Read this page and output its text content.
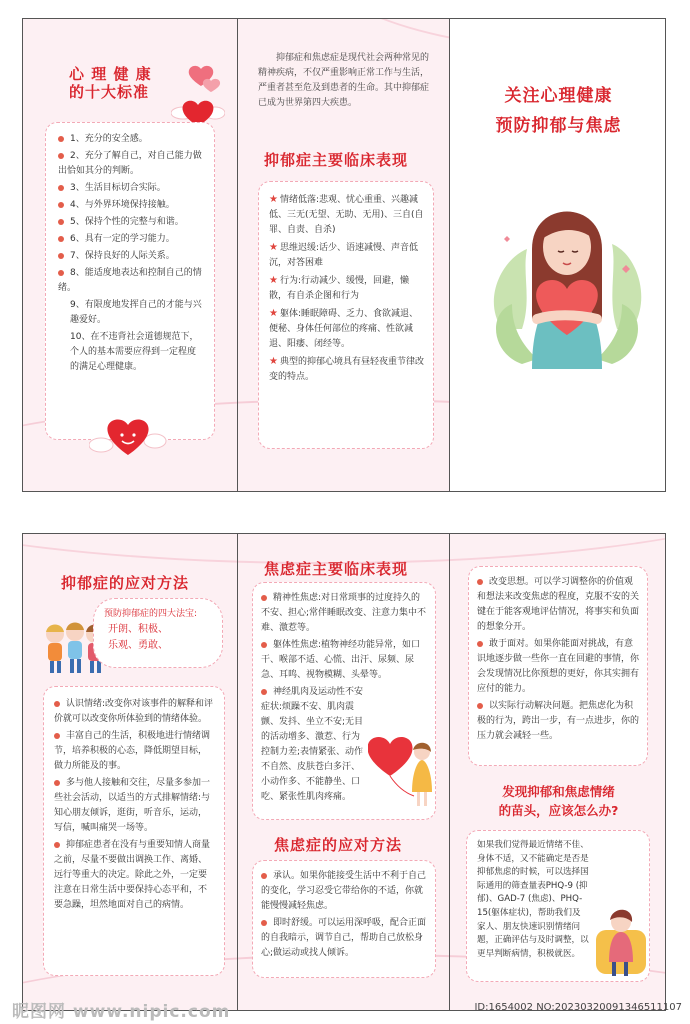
心 理 健 康
的十大标准
1、充分的安全感。
2、充分了解自己，对自己能力做出恰如其分的判断。
3、生活目标切合实际。
4、与外界环境保持接触。
5、保持个性的完整与和谐。
6、具有一定的学习能力。
7、保持良好的人际关系。
8、能适度地表达和控制自己的情绪。
9、有限度地发挥自己的才能与兴趣爱好。
10、在不违背社会道德规范下，个人的基本需要应得到一定程度的满足心理健康。
抑郁症和焦虑症是现代社会两种常见的精神疾病，不仅严重影响正常工作与生活，严重者甚至危及到患者的生命。其中抑郁症已成为世界第四大疾患。
抑郁症主要临床表现
★ 情绪低落:悲观、忧心重重、兴趣减低、三无(无望、无助、无用)、三自(自罪、自责、自杀)
★ 思维迟缓:话少、语速减慢、声音低沉，对答困难
★ 行为:行动减少、缓慢，回避，懒散，有自杀企图和行为
★ 躯体:睡眠障碍、乏力、食欲减退、便秘、身体任何部位的疼痛、性欲减退、阳痿、闭经等。
★ 典型的抑郁心境具有昼轻夜重节律改变的特点。
关注心理健康
预防抑郁与焦虑
抑郁症的应对方法
预防抑郁症的四大法宝:
开朗、积极、
乐观、勇敢、
认识情绪:改变你对该事件的解释和评价就可以改变你所体验到的情绪体验。
丰富自己的生活，积极地进行情绪调节，培养积极的心态，降低期望目标，做力所能及的事。
多与他人接触和交往，尽量多参加一些社会活动，以适当的方式排解情绪:与知心朋友倾诉，逛街，听音乐，运动，写信，喊叫痛哭一场等。
抑郁症患者在没有与重要知情人商量之前，尽量不要做出调换工作、离婚、远行等重大的决定。除此之外，一定要注意在日常生活中要保持心态平和，不要急躁，坦然地面对自己的病情。
焦虑症主要临床表现
精神性焦虑:对日常琐事的过度持久的不安、担心;常伴睡眠改变、注意力集中不难、激惹等。
躯体性焦虑:植物神经功能异常，如口干、喉部不适、心慌、出汗、尿频、尿急、耳鸣、视物模糊、头晕等。
神经肌肉及运动性不安症状:烦躁不安、肌肉震颤、发抖、坐立不安;无目的活动增多、激惹、行为控制力差;表情紧张、动作不自然、皮肤苍白多汗、小动作多、不能静坐、口吃、紧张性肌肉疼痛。
焦虑症的应对方法
承认。如果你能接受生活中不利于自己的变化，学习忍受它带给你的不适，你就能慢慢减轻焦虑。
即时舒缓。可以运用深呼吸，配合正面的自我暗示，调节自己，帮助自己放松身心;做运动或找人倾诉。
改变思想。可以学习调整你的价值观和想法来改变焦虑的程度，克服不安的关键在于能客观地评估情况，将事实和负面的想象分开。
敢于面对。如果你能面对挑战，有意识地逐步做一些你一直在回避的事情，你会发现情况比你预想的更好，你其实拥有应付的能力。
以实际行动解决问题。把焦虑化为积极的行为，跨出一步，有一点进步，你的压力就会减轻一些。
发现抑郁和焦虑情绪
的苗头，应该怎么办?
如果我们觉得最近情绪不佳、身体不适，又不能确定是否是抑郁焦虑的时候，可以选择国际通用的筛查量表PHQ-9 (抑郁)、GAD-7 (焦虑)、PHQ-15(躯体症状)，帮助我们及家人、朋友快速识别情绪问题，正确评估与及时调整，以更早判断病情，积极就医。
昵图网 www.nipic.com	ID:1654002 NO:20230320091346511107
